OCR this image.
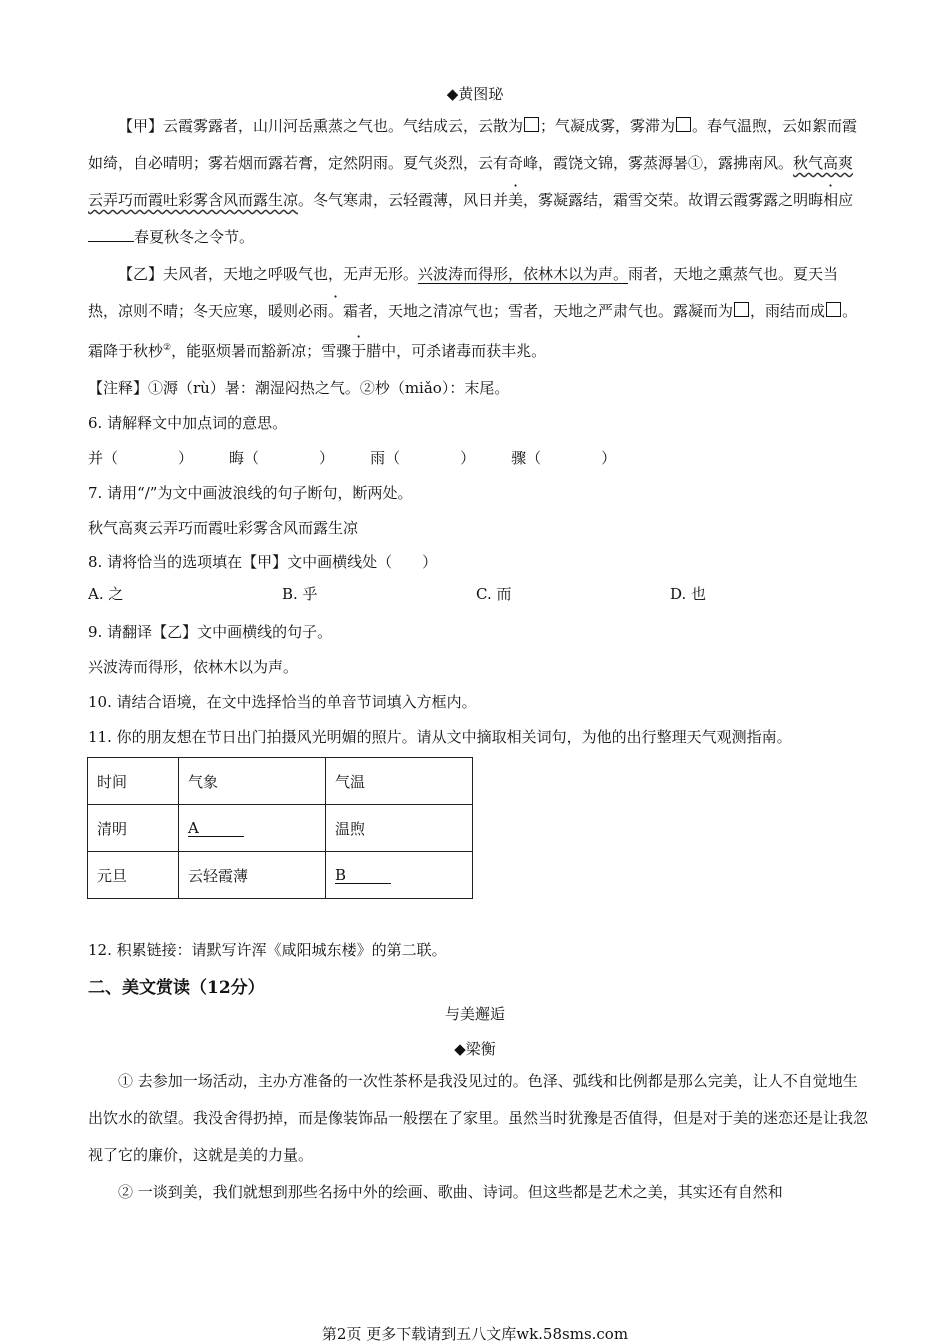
◆黄图珌
【甲】云霞雾露者，山川河岳熏蒸之气也。气结成云，云散为 ；气凝成雾，雾滞为 。春气温煦，云如絮而霞如绮，自必晴明；雾若烟而露若膏，定然阴雨。夏气炎烈，云有奇峰，霞饶文锦，雾蒸溽暑①，露拂南风。秋气高爽云弄巧而霞吐彩雾含风而露生凉。冬气寒肃，云轻霞薄，风日并美，雾凝露结，霜雪交荣。故谓云霞雾露之明晦相应春夏秋冬之令节。
【乙】夫风者，天地之呼吸气也，无声无形。兴波涛而得形，依林木以为声。雨者，天地之熏蒸气也。夏天当热，凉则不晴；冬天应寒，暖则必雨。霜者，天地之清凉气也；雪者，天地之严肃气也。露凝而为 ，雨结而成 。霜降于秋杪②，能驱烦暑而豁新凉；雪骤于腊中，可杀诸毒而获丰兆。
【注释】①溽（rù）暑：潮湿闷热之气。②杪（miǎo）：末尾。
6. 请解释文中加点词的意思。
并（	） 晦（	） 雨（	） 骤（	）
7. 请用“/”为文中画波浪线的句子断句，断两处。
秋气高爽云弄巧而霞吐彩雾含风而露生凉
8. 请将恰当的选项填在【甲】文中画横线处（　　）
A. 之	B. 乎	C. 而	D. 也
9. 请翻译【乙】文中画横线的句子。
兴波涛而得形，依林木以为声。
10. 请结合语境，在文中选择恰当的单音节词填入方框内。
11. 你的朋友想在节日出门拍摄风光明媚的照片。请从文中摘取相关词句，为他的出行整理天气观测指南。
时间	气象	气温
清明	A______	温煦
元旦	云轻霞薄	B______
12. 积累链接：请默写许浑《咸阳城东楼》的第二联。
二、美文赏读（12分）
与美邂逅
◆梁衡
① 去参加一场活动，主办方准备的一次性茶杯是我没见过的。色泽、弧线和比例都是那么完美，让人不自觉地生出饮水的欲望。我没舍得扔掉，而是像装饰品一般摆在了家里。虽然当时犹豫是否值得，但是对于美的迷恋还是让我忽视了它的廉价，这就是美的力量。
② 一谈到美，我们就想到那些名扬中外的绘画、歌曲、诗词。但这些都是艺术之美，其实还有自然和
第2页 更多下载请到五八文库wk.58sms.com
